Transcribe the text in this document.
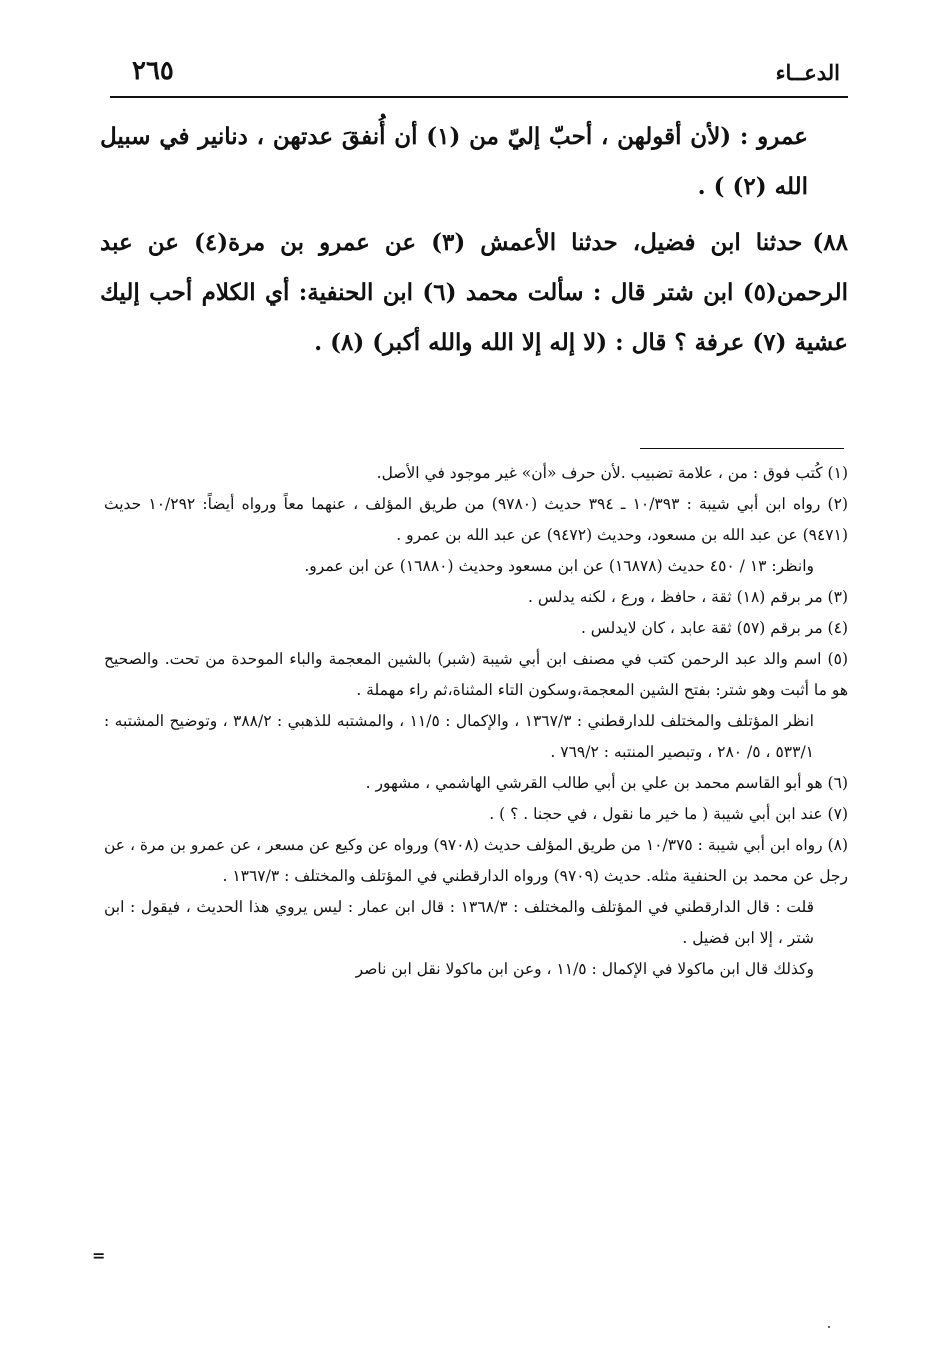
الدعــاء
٢٦٥

عمرو : (لأن أقولهن ، أحبّ إليّ من (١) أن أُنفقَ عدتهن ، دنانير في سبيل الله (٢) ) .

٨٨)حدثنا ابن فضيل، حدثنا الأعمش (٣) عن عمرو بن مرة(٤) عن عبد الرحمن(٥) ابن شتر قال : سألت محمد (٦) ابن الحنفية: أي الكلام أحب إليك عشية (٧) عرفة ؟ قال : (لا إله إلا الله والله أكبر) (٨) .

(١) كُتب فوق : من ، علامة تضبيب .لأن حرف «أن» غير موجود في الأصل.

(٢) رواه ابن أبي شيبة : ١٠/٣٩٣ ـ ٣٩٤ حديث (٩٧٨٠) من طريق المؤلف ، عنهما معاً ورواه أيضاً: ١٠/٢٩٢ حديث (٩٤٧١) عن عبد الله بن مسعود، وحديث (٩٤٧٢) عن عبد الله بن عمرو .

وانظر: ١٣ / ٤٥٠ حديث (١٦٨٧٨) عن ابن مسعود وحديث (١٦٨٨٠) عن ابن عمرو.

(٣) مر برقم (١٨) ثقة ، حافظ ، ورع ، لكنه يدلس .

(٤) مر برقم (٥٧) ثقة عابد ، كان لايدلس .

(٥) اسم والد عبد الرحمن كتب في مصنف ابن أبي شيبة (شبر) بالشين المعجمة والباء الموحدة من تحت. والصحيح هو ما أثبت وهو شتر: بفتح الشين المعجمة،وسكون التاء المثناة،ثم راء مهملة .

انظر المؤتلف والمختلف للدارقطني : ١٣٦٧/٣ ، والإكمال : ١١/٥ ، والمشتبه للذهبي : ٣٨٨/٢ ، وتوضيح المشتبه : ٥٣٣/١ ، ٥/ ٢٨٠ ، وتبصير المنتبه : ٧٦٩/٢ .

(٦) هو أبو القاسم محمد بن علي بن أبي طالب القرشي الهاشمي ، مشهور .

(٧) عند ابن أبي شيبة ( ما خير ما نقول ، في حجنا . ؟ ) .

(٨) رواه ابن أبي شيبة : ١٠/٣٧٥ من طريق المؤلف حديث (٩٧٠٨) ورواه عن وكيع عن مسعر ، عن عمرو بن مرة ، عن رجل عن محمد بن الحنفية مثله. حديث (٩٧٠٩) ورواه الدارقطني في المؤتلف والمختلف : ١٣٦٧/٣ .

قلت : قال الدارقطني في المؤتلف والمختلف : ١٣٦٨/٣ : قال ابن عمار : ليس يروي هذا الحديث ، فيقول : ابن شتر ، إلا ابن فضيل .

وكذلك قال ابن ماكولا في الإكمال : ١١/٥ ، وعن ابن ماكولا نقل ابن ناصر

=
